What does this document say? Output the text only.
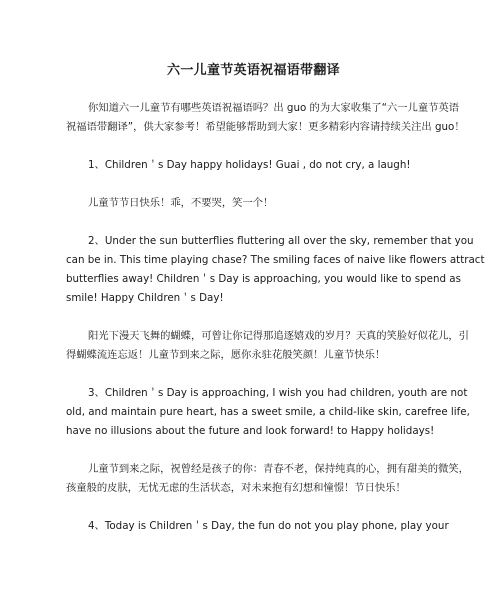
六一儿童节英语祝福语带翻译

你知道六一儿童节有哪些英语祝福语吗？出 guo 的为大家收集了“六一儿童节英语
祝福语带翻译”，供大家参考！希望能够帮助到大家！更多精彩内容请持续关注出 guo！

1、Children＇s Day happy holidays! Guai , do not cry, a laugh!

儿童节节日快乐！乖，不要哭，笑一个！

2、Under the sun butterflies fluttering all over the sky, remember that you
can be in. This time playing chase? The smiling faces of naive like flowers attract
butterflies away! Children＇s Day is approaching, you would like to spend as
smile! Happy Children＇s Day!

阳光下漫天飞舞的蝴蝶，可曾让你记得那追逐嬉戏的岁月？天真的笑脸好似花儿，引
得蝴蝶流连忘返！儿童节到来之际，愿你永驻花般笑颜！儿童节快乐！

3、Children＇s Day is approaching, I wish you had children, youth are not
old, and maintain pure heart, has a sweet smile, a child-like skin, carefree life,
have no illusions about the future and look forward! to Happy holidays!

儿童节到来之际，祝曾经是孩子的你：青春不老，保持纯真的心，拥有甜美的微笑，
孩童般的皮肤，无忧无虑的生活状态，对未来抱有幻想和憧憬！节日快乐！

4、Today is Children＇s Day, the fun do not you play phone, play your
